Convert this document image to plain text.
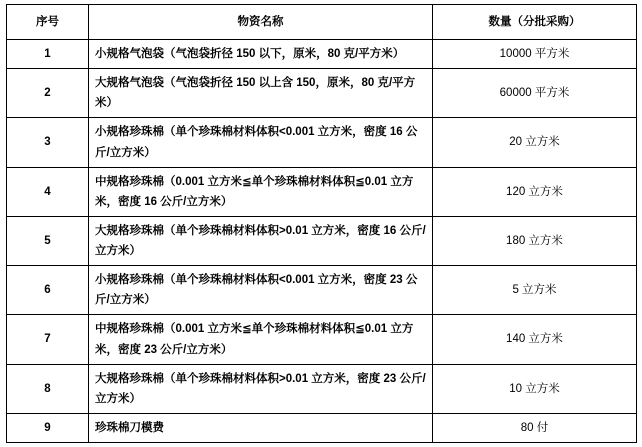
序号	物资名称	数量（分批采购）
1	小规格气泡袋（气泡袋折径 150 以下，原米，80 克/平方米）	10000 平方米
2	大规格气泡袋（气泡袋折径 150 以上含 150，原米，80 克/平方米）	60000 平方米
3	小规格珍珠棉（单个珍珠棉材料体积<0.001 立方米，密度 16 公斤/立方米）	20 立方米
4	中规格珍珠棉（0.001 立方米≦单个珍珠棉材料体积≦0.01 立方米，密度 16 公斤/立方米）	120 立方米
5	大规格珍珠棉（单个珍珠棉材料体积>0.01 立方米，密度 16 公斤/立方米）	180 立方米
6	小规格珍珠棉（单个珍珠棉材料体积<0.001 立方米，密度 23 公斤/立方米）	5 立方米
7	中规格珍珠棉（0.001 立方米≦单个珍珠棉材料体积≦0.01 立方米，密度 23 公斤/立方米）	140 立方米
8	大规格珍珠棉（单个珍珠棉材料体积>0.01 立方米，密度 23 公斤/立方米）	10 立方米
9	珍珠棉刀模费	80 付
